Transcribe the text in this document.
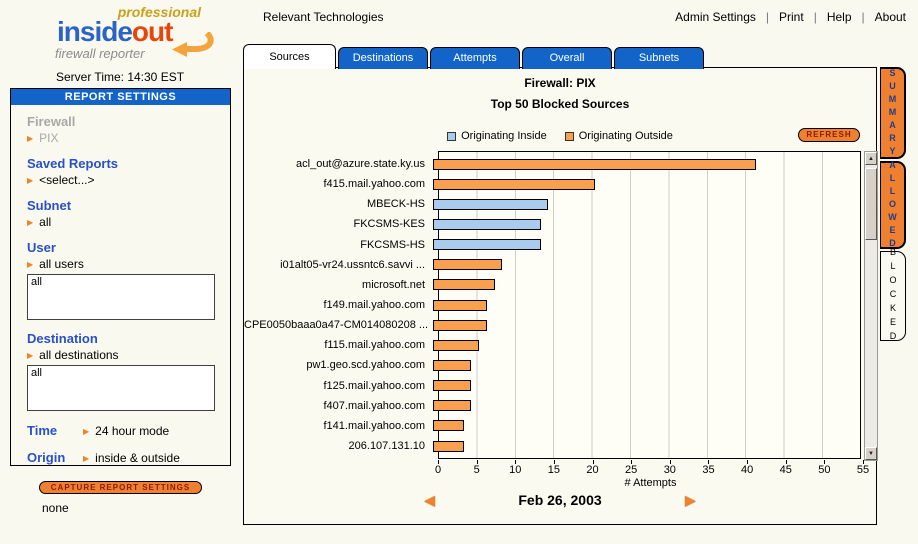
professional
insideout
firewall reporter
Server Time: 14:30 EST
REPORT SETTINGS
Firewall
▶ PIX
Saved Reports
▶ <select...>
Subnet
▶ all
User
▶ all users
all
Destination
▶ all destinations
all
Time	▶ 24 hour mode
Origin	▶ inside & outside
CAPTURE REPORT SETTINGS
none
Relevant Technologies	Admin Settings | Print | Help | About
Sources	Destinations	Attempts	Overall	Subnets
Firewall: PIX
Top 50 Blocked Sources
Originating Inside	Originating Outside	REFRESH
acl_out@azure.state.ky.us
f415.mail.yahoo.com
MBECK-HS
FKCSMS-KES
FKCSMS-HS
i01alt05-vr24.ussntc6.savvi ...
microsoft.net
f149.mail.yahoo.com
CPE0050baaa0a47-CM014080208 ...
f115.mail.yahoo.com
pw1.geo.scd.yahoo.com
f125.mail.yahoo.com
f407.mail.yahoo.com
f141.mail.yahoo.com
206.107.131.10
▲
▼
0	5	10 15 20 25 30 35 40 45 50 55
# Attempts
◀	Feb 26, 2003	▶
SUMMARY
ALLOWED
BLOCKED
